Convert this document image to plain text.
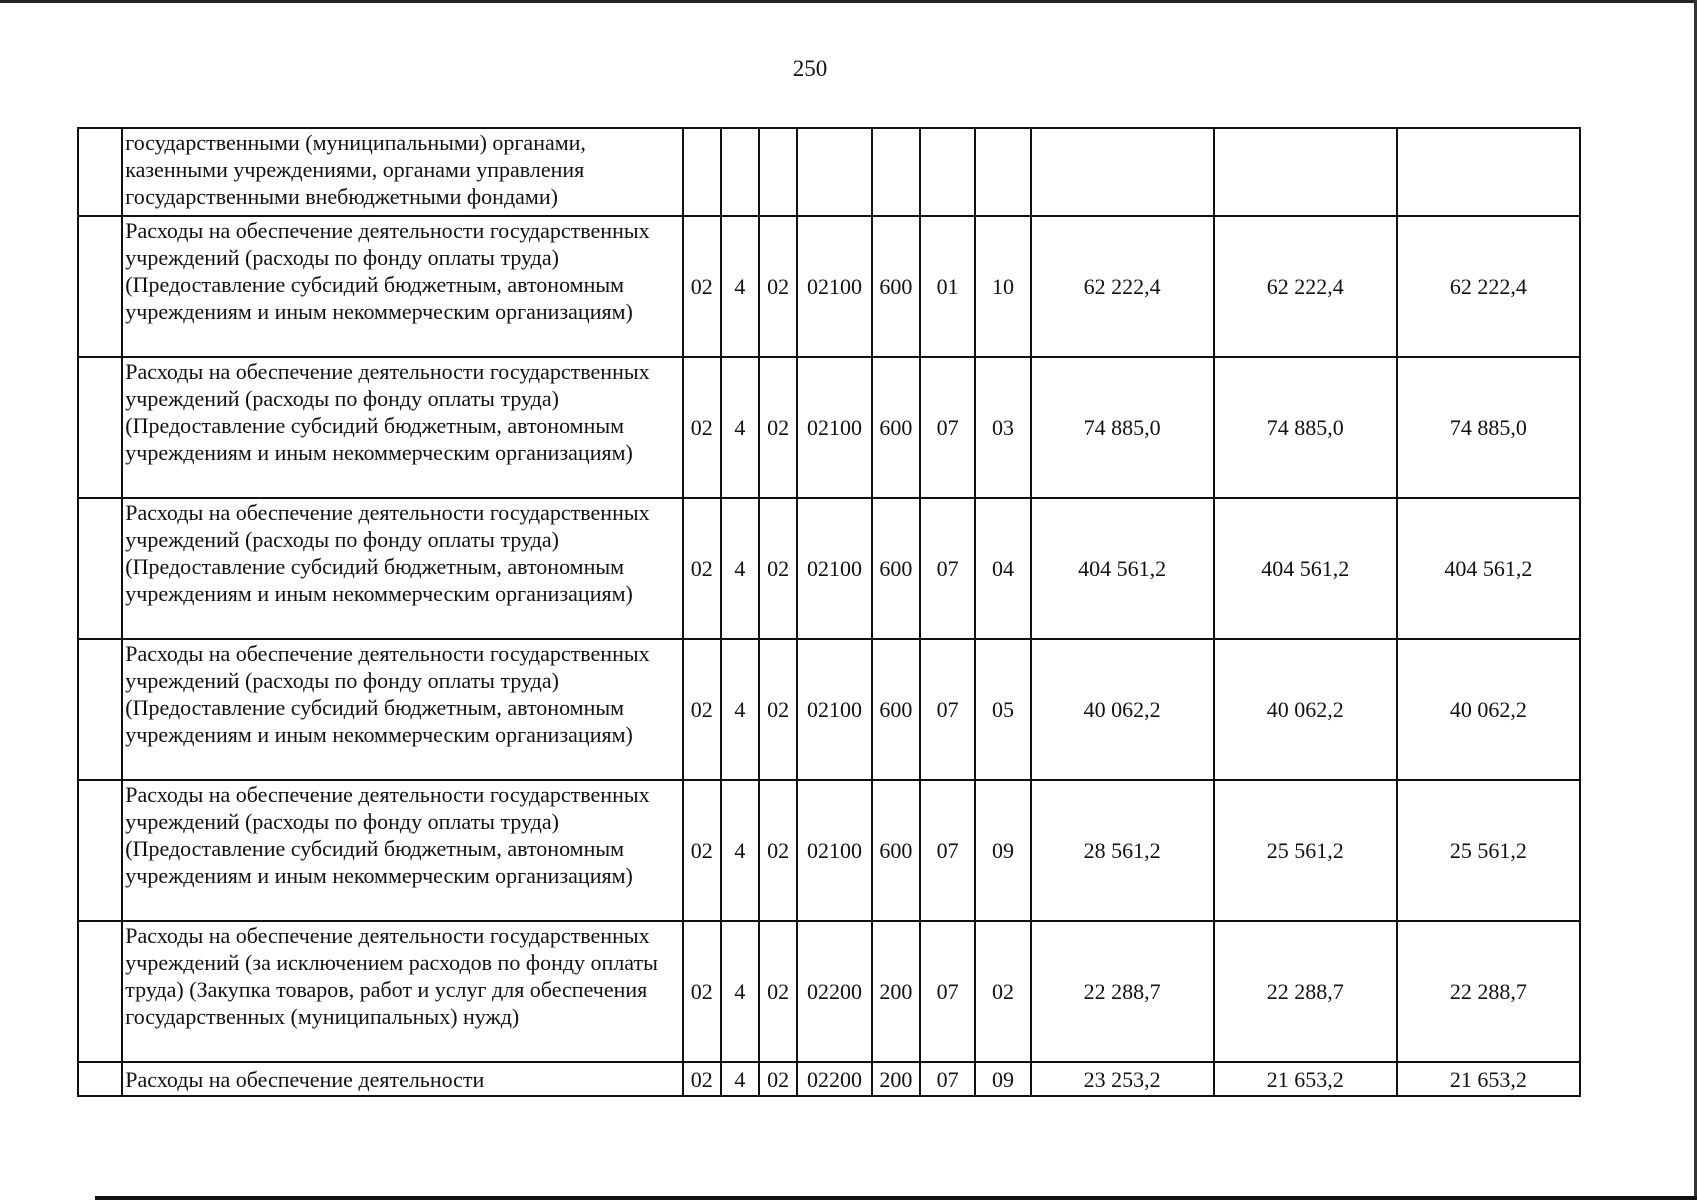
250

	государственными (муниципальными) органами, казенными учреждениями, органами управления государственными внебюджетными фондами)										

	Расходы на обеспечение деятельности государственных учреждений (расходы по фонду оплаты труда) (Предоставление субсидий бюджетным, автономным учреждениям и иным некоммерческим организациям)	02	4	02	02100	600	01	10	62 222,4	62 222,4	62 222,4

	Расходы на обеспечение деятельности государственных учреждений (расходы по фонду оплаты труда) (Предоставление субсидий бюджетным, автономным учреждениям и иным некоммерческим организациям)	02	4	02	02100	600	07	03	74 885,0	74 885,0	74 885,0

	Расходы на обеспечение деятельности государственных учреждений (расходы по фонду оплаты труда) (Предоставление субсидий бюджетным, автономным учреждениям и иным некоммерческим организациям)	02	4	02	02100	600	07	04	404 561,2	404 561,2	404 561,2

	Расходы на обеспечение деятельности государственных учреждений (расходы по фонду оплаты труда) (Предоставление субсидий бюджетным, автономным учреждениям и иным некоммерческим организациям)	02	4	02	02100	600	07	05	40 062,2	40 062,2	40 062,2

	Расходы на обеспечение деятельности государственных учреждений (расходы по фонду оплаты труда) (Предоставление субсидий бюджетным, автономным учреждениям и иным некоммерческим организациям)	02	4	02	02100	600	07	09	28 561,2	25 561,2	25 561,2

	Расходы на обеспечение деятельности государственных учреждений (за исключением расходов по фонду оплаты труда) (Закупка товаров, работ и услуг для обеспечения государственных (муниципальных) нужд)	02	4	02	02200	200	07	02	22 288,7	22 288,7	22 288,7

	Расходы на обеспечение деятельности	02	4	02	02200	200	07	09	23 253,2	21 653,2	21 653,2
